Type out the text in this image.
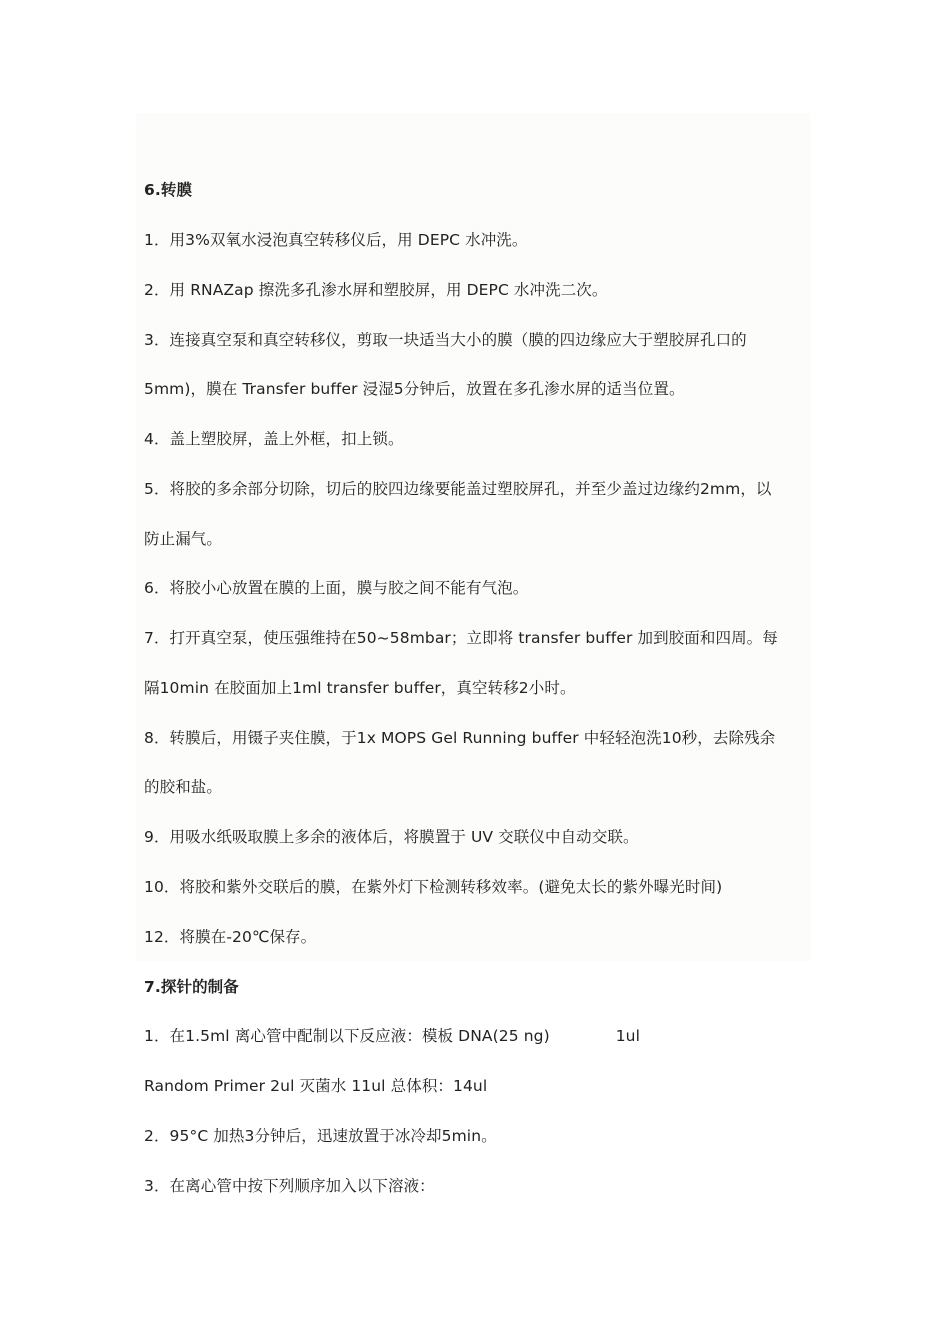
6.转膜
1．用3%双氧水浸泡真空转移仪后，用 DEPC 水冲洗。
2．用 RNAZap 擦洗多孔渗水屏和塑胶屏，用 DEPC 水冲洗二次。
3．连接真空泵和真空转移仪，剪取一块适当大小的膜（膜的四边缘应大于塑胶屏孔口的
5mm)，膜在 Transfer buffer 浸湿5分钟后，放置在多孔渗水屏的适当位置。
4．盖上塑胶屏，盖上外框，扣上锁。
5．将胶的多余部分切除，切后的胶四边缘要能盖过塑胶屏孔，并至少盖过边缘约2mm，以
防止漏气。
6．将胶小心放置在膜的上面，膜与胶之间不能有气泡。
7．打开真空泵，使压强维持在50~58mbar；立即将 transfer buffer 加到胶面和四周。每
隔10min 在胶面加上1ml transfer buffer，真空转移2小时。
8．转膜后，用镊子夹住膜，于1x MOPS Gel Running buffer 中轻轻泡洗10秒，去除残余
的胶和盐。
9．用吸水纸吸取膜上多余的液体后，将膜置于 UV 交联仪中自动交联。
10．将胶和紫外交联后的膜，在紫外灯下检测转移效率。(避免太长的紫外曝光时间)
12．将膜在-20℃保存。
7.探针的制备
1．在1.5ml 离心管中配制以下反应液：模板 DNA(25 ng)	1ul
Random Primer 2ul 灭菌水 11ul 总体积：14ul
2．95°C 加热3分钟后，迅速放置于冰冷却5min。
3．在离心管中按下列顺序加入以下溶液：
